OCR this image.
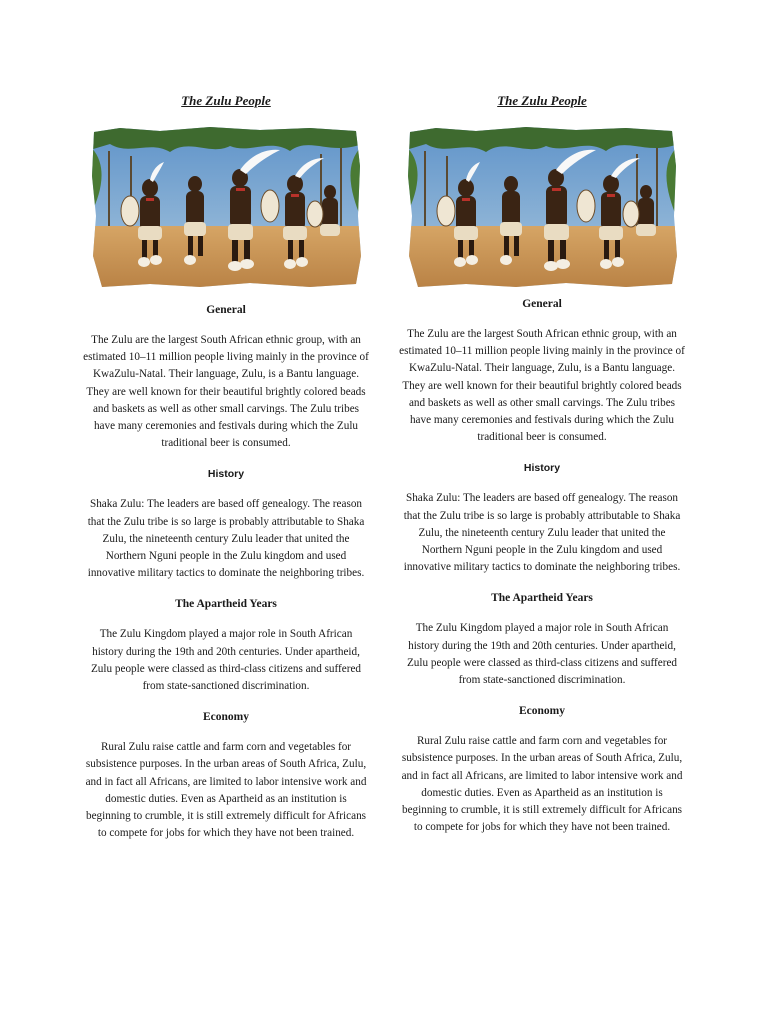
The Zulu People
General

The Zulu are the largest South African ethnic group, with an estimated 10–11 million people living mainly in the province of KwaZulu-Natal. Their language, Zulu, is a Bantu language. They are well known for their beautiful brightly colored beads and baskets as well as other small carvings. The Zulu tribes have many ceremonies and festivals during which the Zulu traditional beer is consumed.

History

Shaka Zulu: The leaders are based off genealogy. The reason that the Zulu tribe is so large is probably attributable to Shaka Zulu, the nineteenth century Zulu leader that united the Northern Nguni people in the Zulu kingdom and used innovative military tactics to dominate the neighboring tribes.

The Apartheid Years

The Zulu Kingdom played a major role in South African history during the 19th and 20th centuries. Under apartheid, Zulu people were classed as third-class citizens and suffered from state-sanctioned discrimination.

Economy

Rural Zulu raise cattle and farm corn and vegetables for subsistence purposes. In the urban areas of South Africa, Zulu, and in fact all Africans, are limited to labor intensive work and domestic duties. Even as Apartheid as an institution is beginning to crumble, it is still extremely difficult for Africans to compete for jobs for which they have not been trained.

The Zulu People
General

The Zulu are the largest South African ethnic group, with an estimated 10–11 million people living mainly in the province of KwaZulu-Natal. Their language, Zulu, is a Bantu language. They are well known for their beautiful brightly colored beads and baskets as well as other small carvings. The Zulu tribes have many ceremonies and festivals during which the Zulu traditional beer is consumed.

History

Shaka Zulu: The leaders are based off genealogy. The reason that the Zulu tribe is so large is probably attributable to Shaka Zulu, the nineteenth century Zulu leader that united the Northern Nguni people in the Zulu kingdom and used innovative military tactics to dominate the neighboring tribes.

The Apartheid Years

The Zulu Kingdom played a major role in South African history during the 19th and 20th centuries. Under apartheid, Zulu people were classed as third-class citizens and suffered from state-sanctioned discrimination.

Economy

Rural Zulu raise cattle and farm corn and vegetables for subsistence purposes. In the urban areas of South Africa, Zulu, and in fact all Africans, are limited to labor intensive work and domestic duties. Even as Apartheid as an institution is beginning to crumble, it is still extremely difficult for Africans to compete for jobs for which they have not been trained.
